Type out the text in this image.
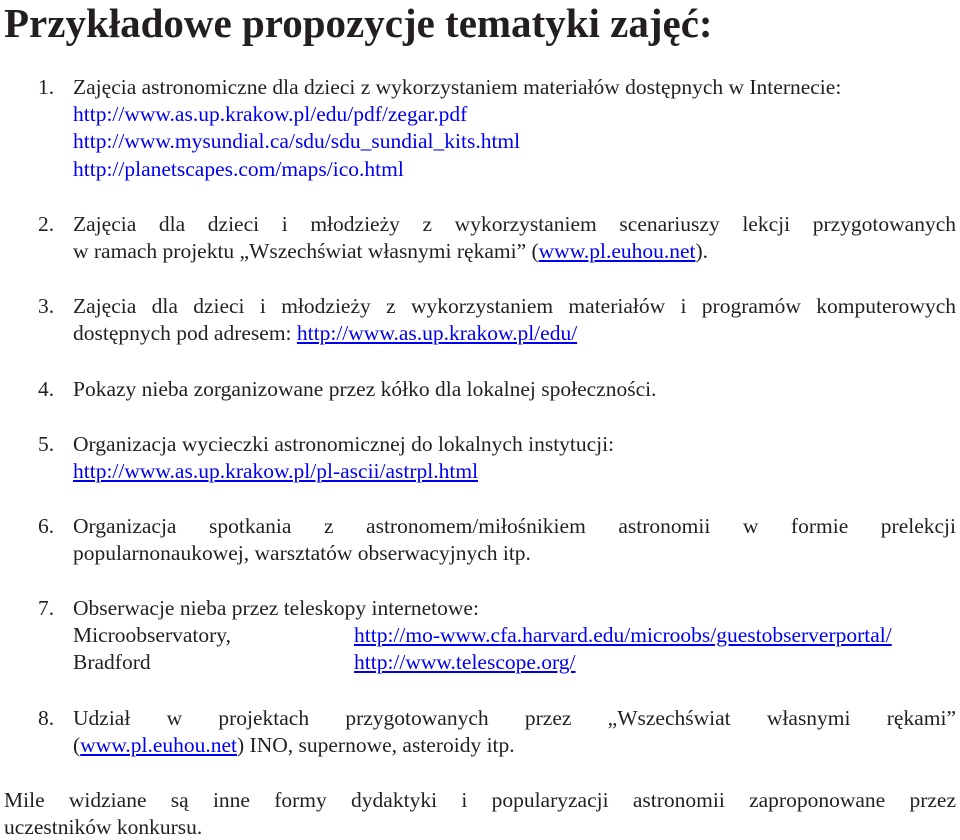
Przykładowe propozycje tematyki zajęć:
1. Zajęcia astronomiczne dla dzieci z wykorzystaniem materiałów dostępnych w Internecie:
http://www.as.up.krakow.pl/edu/pdf/zegar.pdf
http://www.mysundial.ca/sdu/sdu_sundial_kits.html
http://planetscapes.com/maps/ico.html
2. Zajęcia dla dzieci i młodzieży z wykorzystaniem scenariuszy lekcji przygotowanych
w ramach projektu „Wszechświat własnymi rękami” (www.pl.euhou.net).
3. Zajęcia dla dzieci i młodzieży z wykorzystaniem materiałów i programów komputerowych
dostępnych pod adresem: http://www.as.up.krakow.pl/edu/
4. Pokazy nieba zorganizowane przez kółko dla lokalnej społeczności.
5. Organizacja wycieczki astronomicznej do lokalnych instytucji:
http://www.as.up.krakow.pl/pl-ascii/astrpl.html
6. Organizacja spotkania z astronomem/miłośnikiem astronomii w formie prelekcji
popularnonaukowej, warsztatów obserwacyjnych itp.
7. Obserwacje nieba przez teleskopy internetowe:
Microobservatory,	http://mo-www.cfa.harvard.edu/microobs/guestobserverportal/
Bradford	http://www.telescope.org/
8. Udział w projektach przygotowanych przez „Wszechświat własnymi rękami”
(www.pl.euhou.net) INO, supernowe, asteroidy itp.
Mile widziane są inne formy dydaktyki i popularyzacji astronomii zaproponowane przez
uczestników konkursu.
